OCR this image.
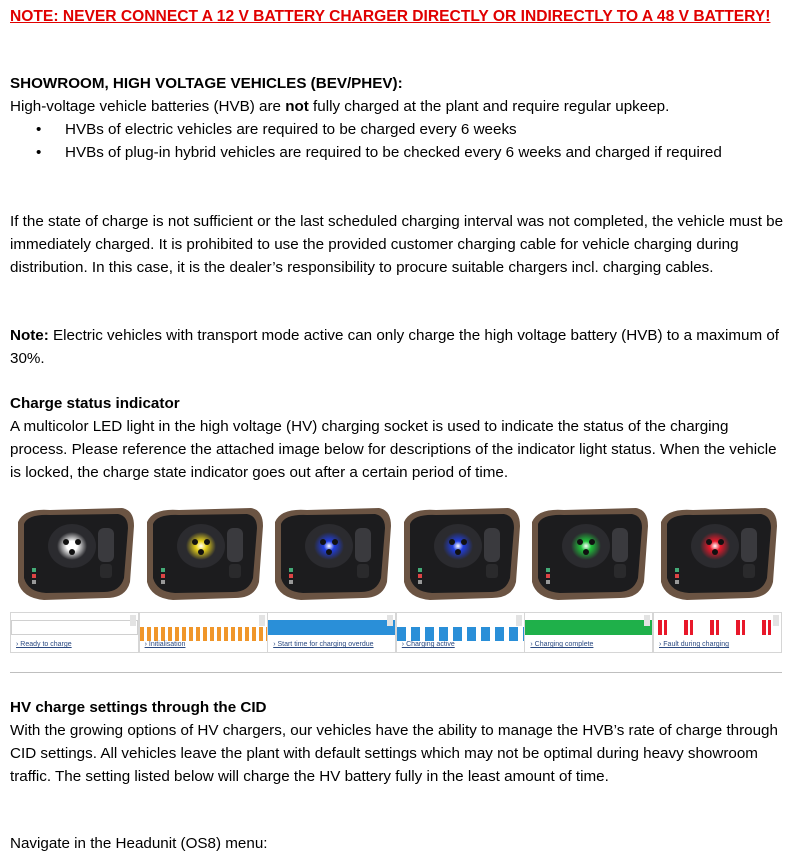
NOTE: NEVER CONNECT A 12 V BATTERY CHARGER DIRECTLY OR INDIRECTLY TO A 48 V BATTERY!
SHOWROOM, HIGH VOLTAGE VEHICLES (BEV/PHEV):
High-voltage vehicle batteries (HVB) are not fully charged at the plant and require regular upkeep.
• HVBs of electric vehicles are required to be charged every 6 weeks
• HVBs of plug-in hybrid vehicles are required to be checked every 6 weeks and charged if required
If the state of charge is not sufficient or the last scheduled charging interval was not completed, the vehicle must be immediately charged. It is prohibited to use the provided customer charging cable for vehicle charging during distribution. In this case, it is the dealer’s responsibility to procure suitable chargers incl. charging cables.
Note: Electric vehicles with transport mode active can only charge the high voltage battery (HVB) to a maximum of 30%.
Charge status indicator
A multicolor LED light in the high voltage (HV) charging socket is used to indicate the status of the charging process. Please reference the attached image below for descriptions of the indicator light status. When the vehicle is locked, the charge state indicator goes out after a certain period of time.
› Ready to charge	› Initialisation	› Start time for charging overdue	› Charging active	› Charging complete	› Fault during charging
HV charge settings through the CID
With the growing options of HV chargers, our vehicles have the ability to manage the HVB’s rate of charge through CID settings. All vehicles leave the plant with default settings which may not be optimal during heavy showroom traffic. The setting listed below will charge the HV battery fully in the least amount of time.
Navigate in the Headunit (OS8) menu:
